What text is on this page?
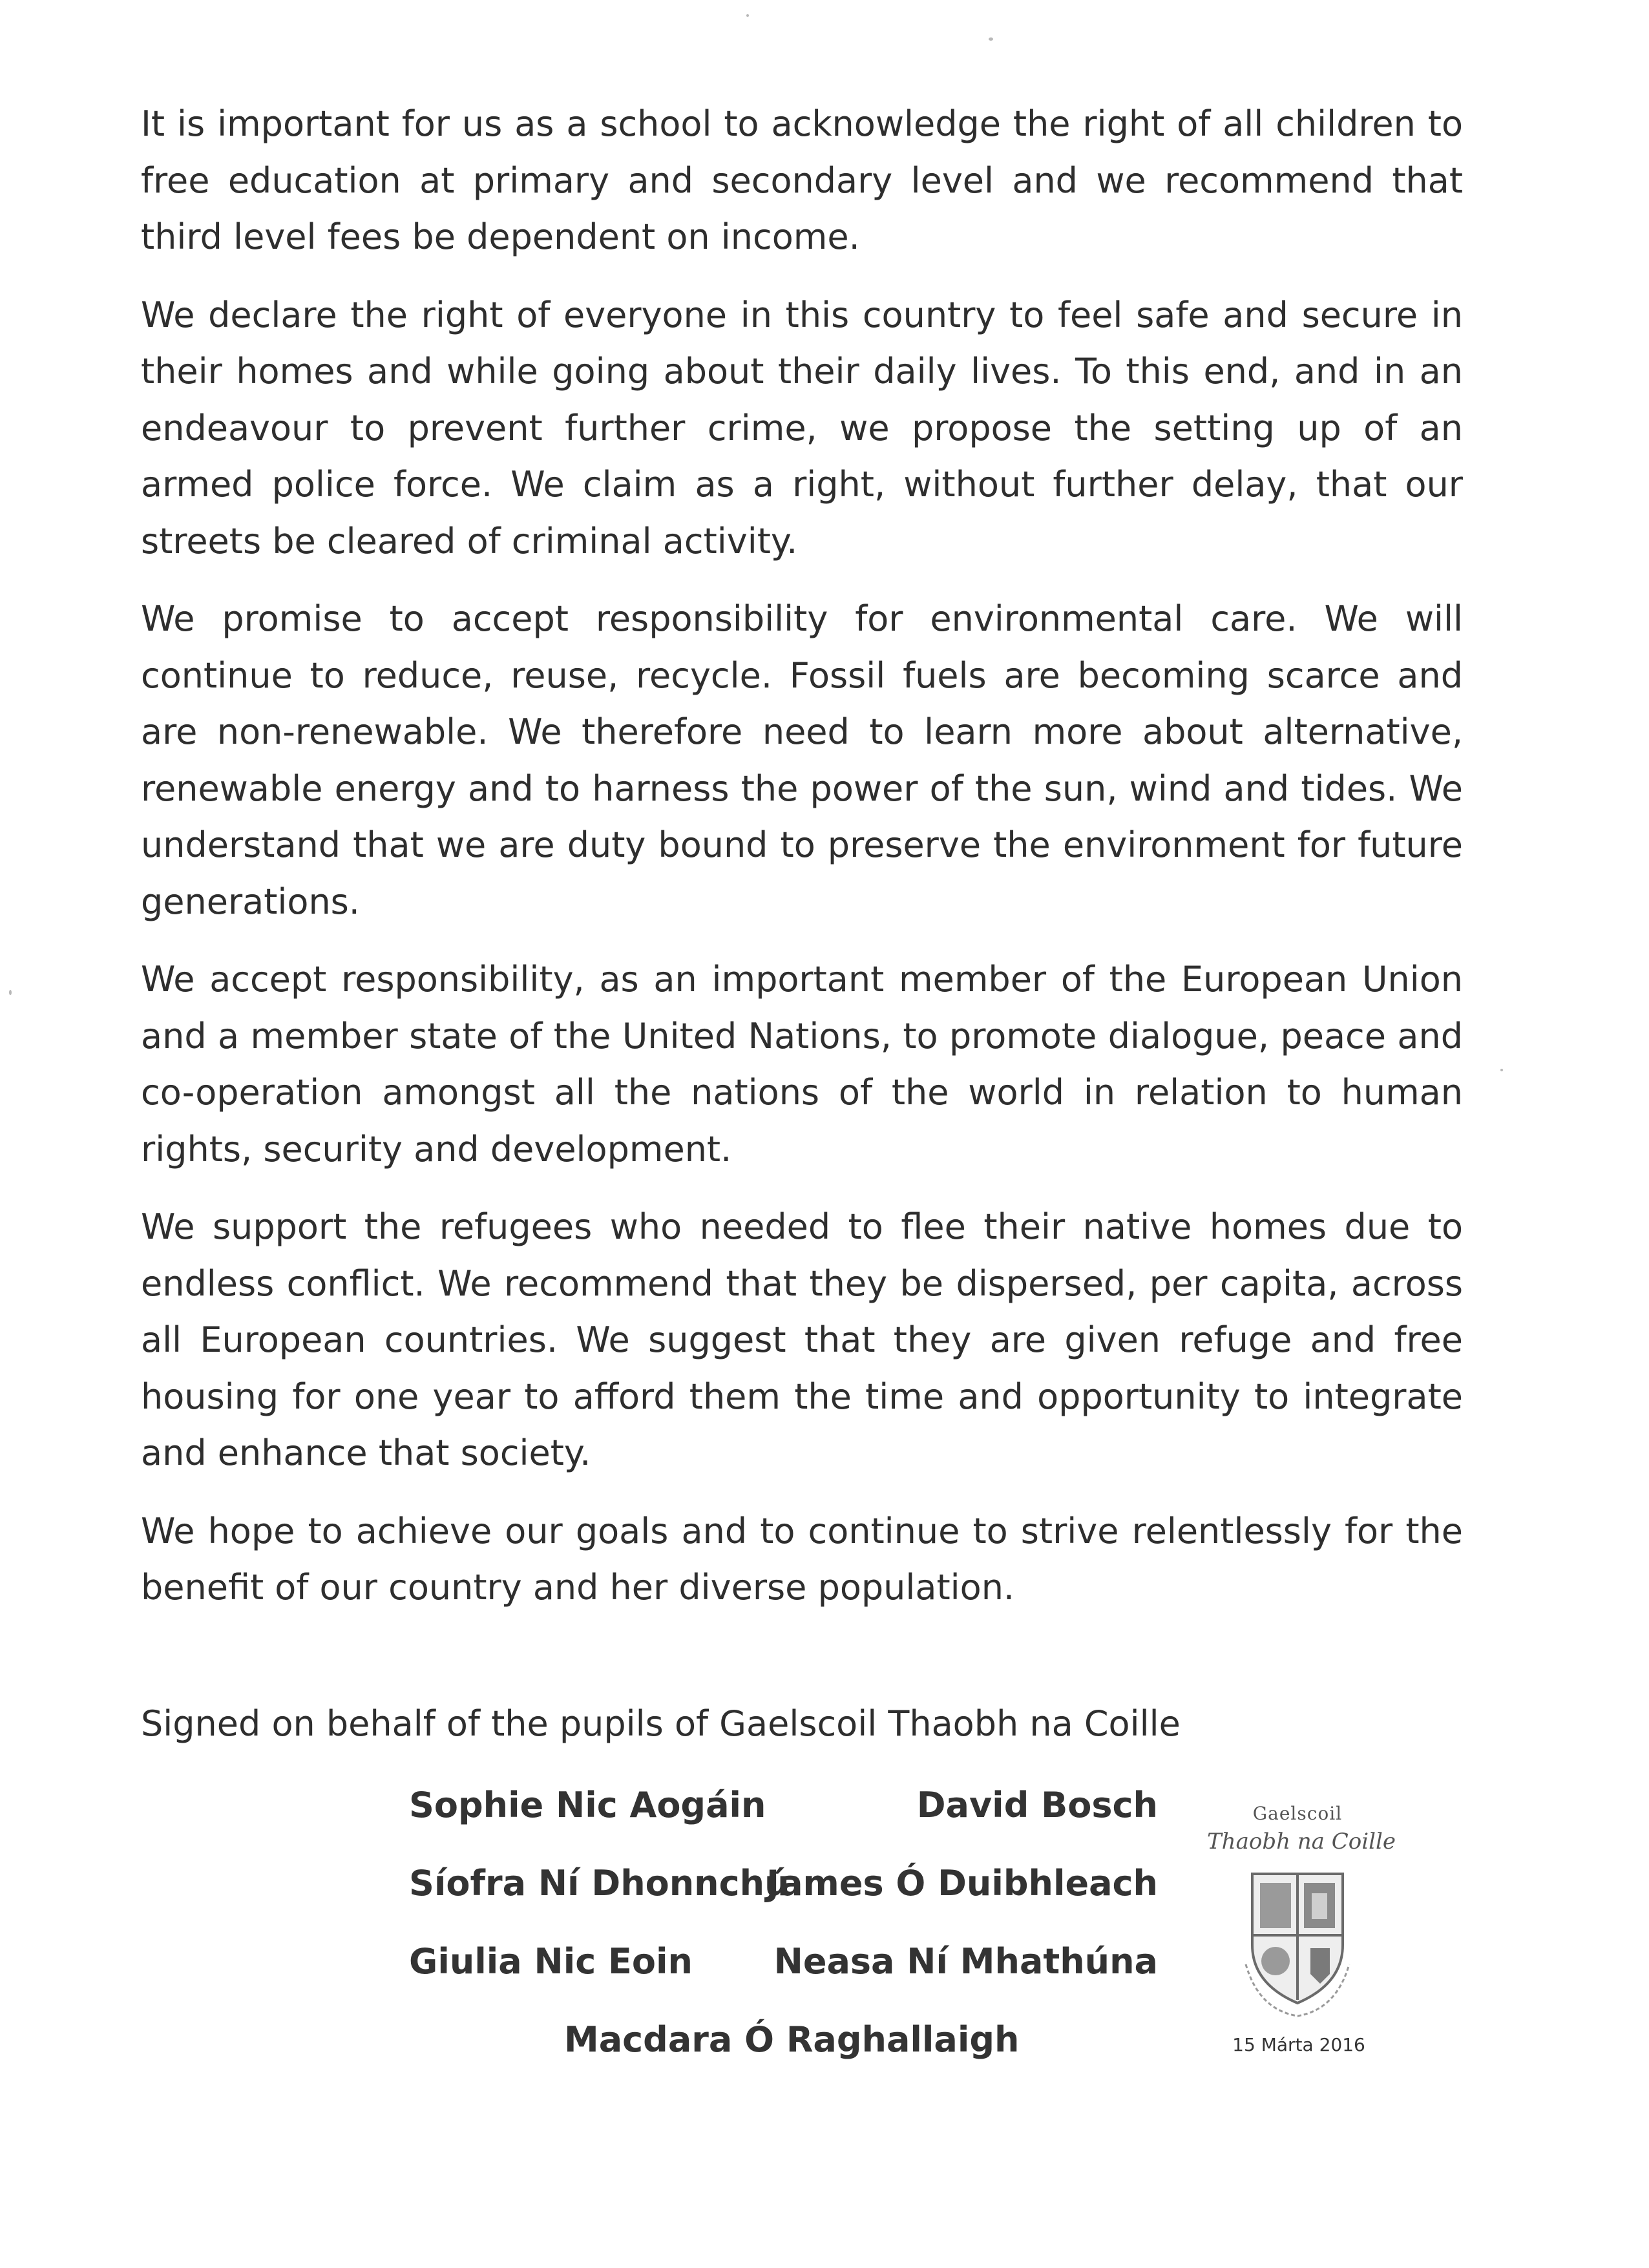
It is important for us as a school to acknowledge the right of all children to free education at primary and secondary level and we recommend that third level fees be dependent on income.

We declare the right of everyone in this country to feel safe and secure in their homes and while going about their daily lives. To this end, and in an endeavour to prevent further crime, we propose the setting up of an armed police force. We claim as a right, without further delay, that our streets be cleared of criminal activity.

We promise to accept responsibility for environmental care. We will continue to reduce, reuse, recycle. Fossil fuels are becoming scarce and are non-renewable. We therefore need to learn more about alternative, renewable energy and to harness the power of the sun, wind and tides. We understand that we are duty bound to preserve the environment for future generations.

We accept responsibility, as an important member of the European Union and a member state of the United Nations, to promote dialogue, peace and co-operation amongst all the nations of the world in relation to human rights, security and development.

We support the refugees who needed to flee their native homes due to endless conflict. We recommend that they be dispersed, per capita, across all European countries. We suggest that they are given refuge and free housing for one year to afford them the time and opportunity to integrate and enhance that society.

We hope to achieve our goals and to continue to strive relentlessly for the benefit of our country and her diverse population.

Signed on behalf of the pupils of Gaelscoil Thaobh na Coille
Sophie Nic Aogáin	David Bosch
Síofra Ní Dhonnchú
James Ó Duibhleach
Giulia Nic Eoin Neasa Ní Mhathúna
Macdara Ó Raghallaigh
Gaelscoil
Thaobh na Coille
15 Márta 2016
